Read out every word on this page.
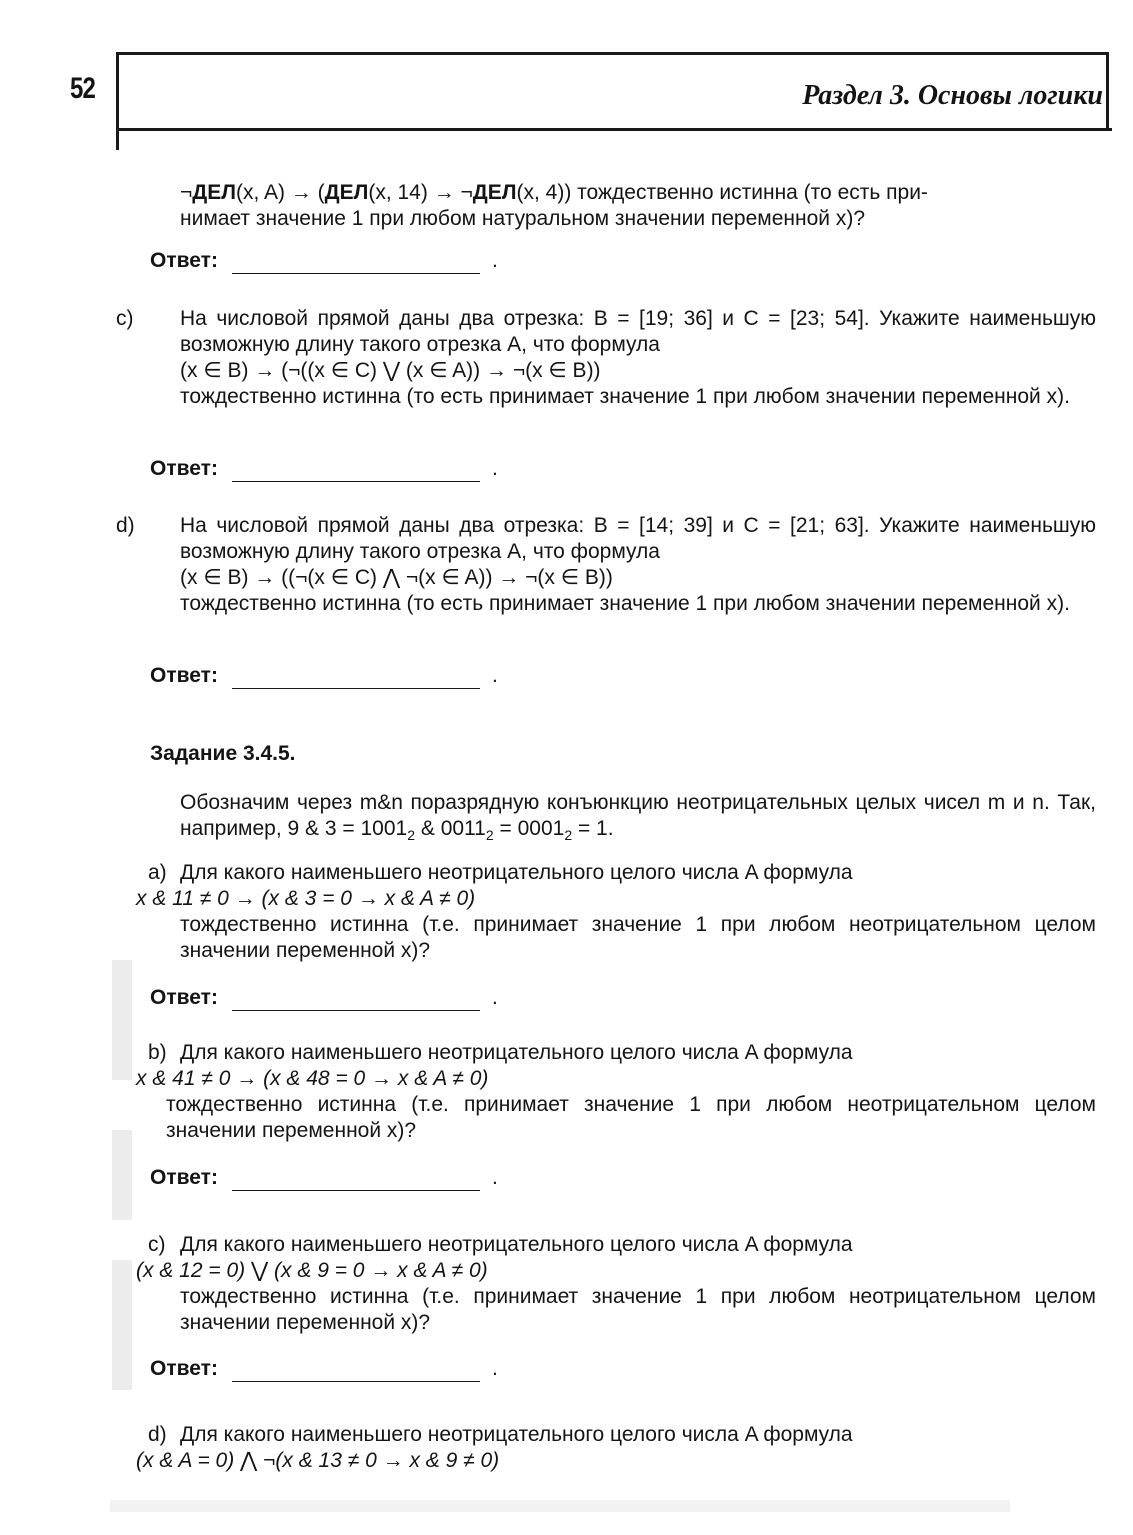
52	Раздел 3. Основы логики

¬ДЕЛ(x, A) → (ДЕЛ(x, 14) → ¬ДЕЛ(x, 4)) тождественно истинна (то есть при-

нимает значение 1 при любом натуральном значении переменной x)?

Ответ:	.

c) На числовой прямой даны два отрезка: B = [19; 36] и C = [23; 54]. Укажите наименьшую возможную длину такого отрезка A, что формула

(x ∈ B) → (¬((x ∈ C) ⋁ (x ∈ A)) → ¬(x ∈ B))

тождественно истинна (то есть принимает значение 1 при любом значении переменной x).

Ответ:	.

d) На числовой прямой даны два отрезка: B = [14; 39] и C = [21; 63]. Укажите наименьшую возможную длину такого отрезка A, что формула

(x ∈ B) → ((¬(x ∈ C) ⋀ ¬(x ∈ A)) → ¬(x ∈ B))

тождественно истинна (то есть принимает значение 1 при любом значении переменной x).

Ответ:	.
Задание 3.4.5.

Обозначим через m&n поразрядную конъюнкцию неотрицательных целых чисел m и n. Так, например, 9 & $3 = 1001_2$ & $0011_2 = 0001_2 = 1$.

a) Для какого наименьшего неотрицательного целого числа A формула

x & 11 ≠ 0 → (x & 3 = 0 → x & A ≠ 0)

тождественно истинна (т.е. принимает значение 1 при любом неотрицательном целом значении переменной x)?

Ответ:	.

b) Для какого наименьшего неотрицательного целого числа A формула

x & 41 ≠ 0 → (x & 48 = 0 → x & A ≠ 0)

тождественно истинна (т.е. принимает значение 1 при любом неотрицательном целом значении переменной x)?

Ответ:	.

c) Для какого наименьшего неотрицательного целого числа A формула

(x & 12 = 0) ⋁ (x & 9 = 0 → x & A ≠ 0)

тождественно истинна (т.е. принимает значение 1 при любом неотрицательном целом значении переменной x)?

Ответ:	.

d) Для какого наименьшего неотрицательного целого числа A формула

(x & A = 0) ⋀ ¬(x & 13 ≠ 0 → x & 9 ≠ 0)
